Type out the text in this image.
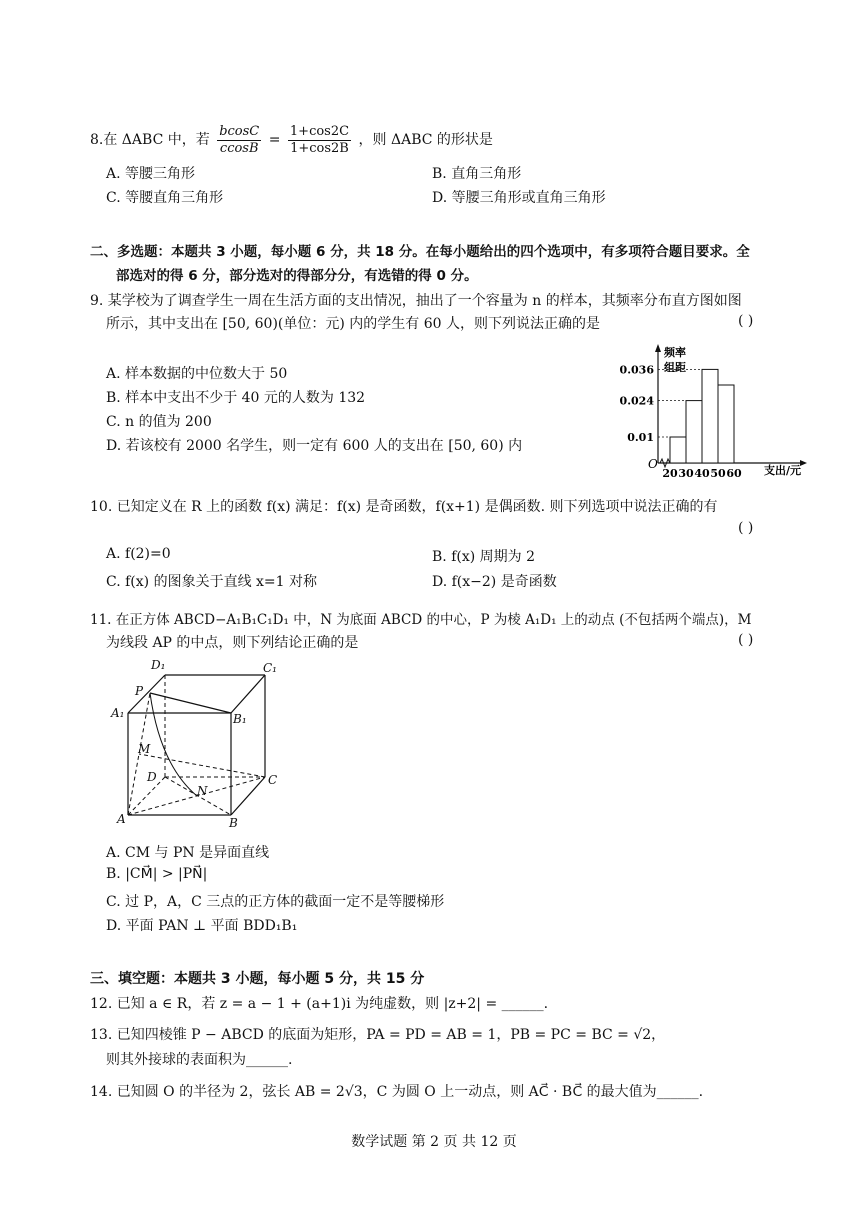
8.在 ΔABC 中，若 $\frac{bcosC}{ccosB} = \frac{1+\cos 2C}{1+\cos 2B}$ ，则 ΔABC 的形状是
A. 等腰三角形	B. 直角三角形
C. 等腰直角三角形	D. 等腰三角形或直角三角形
二、多选题：本题共 3 小题，每小题 6 分，共 18 分。在每小题给出的四个选项中，有多项符合题目要求。全
部选对的得 6 分，部分选对的得部分分，有选错的得 0 分。
9. 某学校为了调查学生一周在生活方面的支出情况，抽出了一个容量为 n 的样本，其频率分布直方图如图
所示，其中支出在 [50, 60)(单位：元) 内的学生有 60 人，则下列说法正确的是	( )
A. 样本数据的中位数大于 50
B. 样本中支出不少于 40 元的人数为 132
C. n 的值为 200
D. 若该校有 2000 名学生，则一定有 600 人的支出在 [50, 60) 内
0.036
0.024
0.01
20 30 40 50 60
频率
组距
O	支出/元
10. 已知定义在 R 上的函数 f(x) 满足：f(x) 是奇函数，f(x+1) 是偶函数. 则下列选项中说法正确的有
( )
A. f(2)=0	B. f(x) 周期为 2
C. f(x) 的图象关于直线 x=1 对称	D. f(x−2) 是奇函数
11. 在正方体 ABCD−A₁B₁C₁D₁ 中，N 为底面 ABCD 的中心，P 为棱 A₁D₁ 上的动点 (不包括两个端点)，M
为线段 AP 的中点，则下列结论正确的是	( )
D₁	C₁
P
A₁	B₁
M
D	C
N
A	B
A. CM 与 PN 是异面直线
B. |CM⃗| > |PN⃗|
C. 过 P，A，C 三点的正方体的截面一定不是等腰梯形
D. 平面 PAN ⊥ 平面 BDD₁B₁
三、填空题：本题共 3 小题，每小题 5 分，共 15 分
12. 已知 a ∈ R，若 z = a − 1 + (a+1)i 为纯虚数，则 |z+2| = ______.
13. 已知四棱锥 P − ABCD 的底面为矩形，PA = PD = AB = 1，PB = PC = BC = √2，
则其外接球的表面积为______.
14. 已知圆 O 的半径为 2，弦长 AB = 2√3，C 为圆 O 上一动点，则 AC⃗ · BC⃗ 的最大值为______.
数学试题 第 2 页 共 12 页
